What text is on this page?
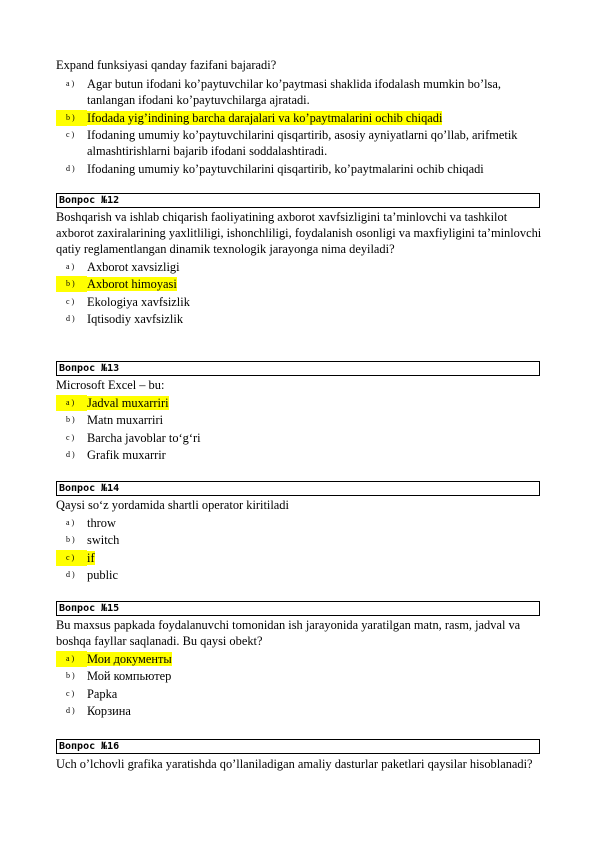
Expand funksiyasi qanday fazifani bajaradi?

a )	Agar butun ifodani ko’paytuvchilar ko’paytmasi shaklida ifodalash mumkin bo’lsa, tanlangan ifodani ko’paytuvchilarga ajratadi.
b ) Ifodada yig’indining barcha darajalari va ko’paytmalarini ochib chiqadi
c )	Ifodaning umumiy ko’paytuvchilarini qisqartirib, asosiy ayniyatlarni qo’llab, arifmetik almashtirishlarni bajarib ifodani soddalashtiradi.
d ) Ifodaning umumiy ko’paytuvchilarini qisqartirib, ko’paytmalarini ochib chiqadi
Вопрос №12

Boshqarish va ishlab chiqarish faoliyatining axborot xavfsizligini ta’minlovchi va tashkilot axborot zaxiralarining yaxlitliligi, ishonchliligi, foydalanish osonligi va maxfiyligini ta’minlovchi qatiy reglamentlangan dinamik texnologik jarayonga nima deyiladi?

a )	Axborot xavsizligi
b ) Axborot himoyasi
c )	Ekologiya xavfsizlik
d ) Iqtisodiy xavfsizlik
Вопрос №13

Microsoft Excel – bu:

a )	Jadval muxarriri
b ) Matn muxarriri
c )	Barcha javoblar to‘g‘ri
d ) Grafik muxarrir
Вопрос №14

Qaysi so‘z yordamida shartli operator kiritiladi

a )	throw
b ) switch
c )	if
d ) public
Вопрос №15

Bu maxsus papkada foydalanuvchi tomonidan ish jarayonida yaratilgan matn, rasm, jadval va boshqa fayllar saqlanadi. Bu qaysi obekt?

a )	Мои документы
b ) Мой компьютер
c )	Papka
d ) Корзина
Вопрос №16

Uch o’lchovli grafika yaratishda qo’llaniladigan amaliy dasturlar paketlari qaysilar hisoblanadi?
